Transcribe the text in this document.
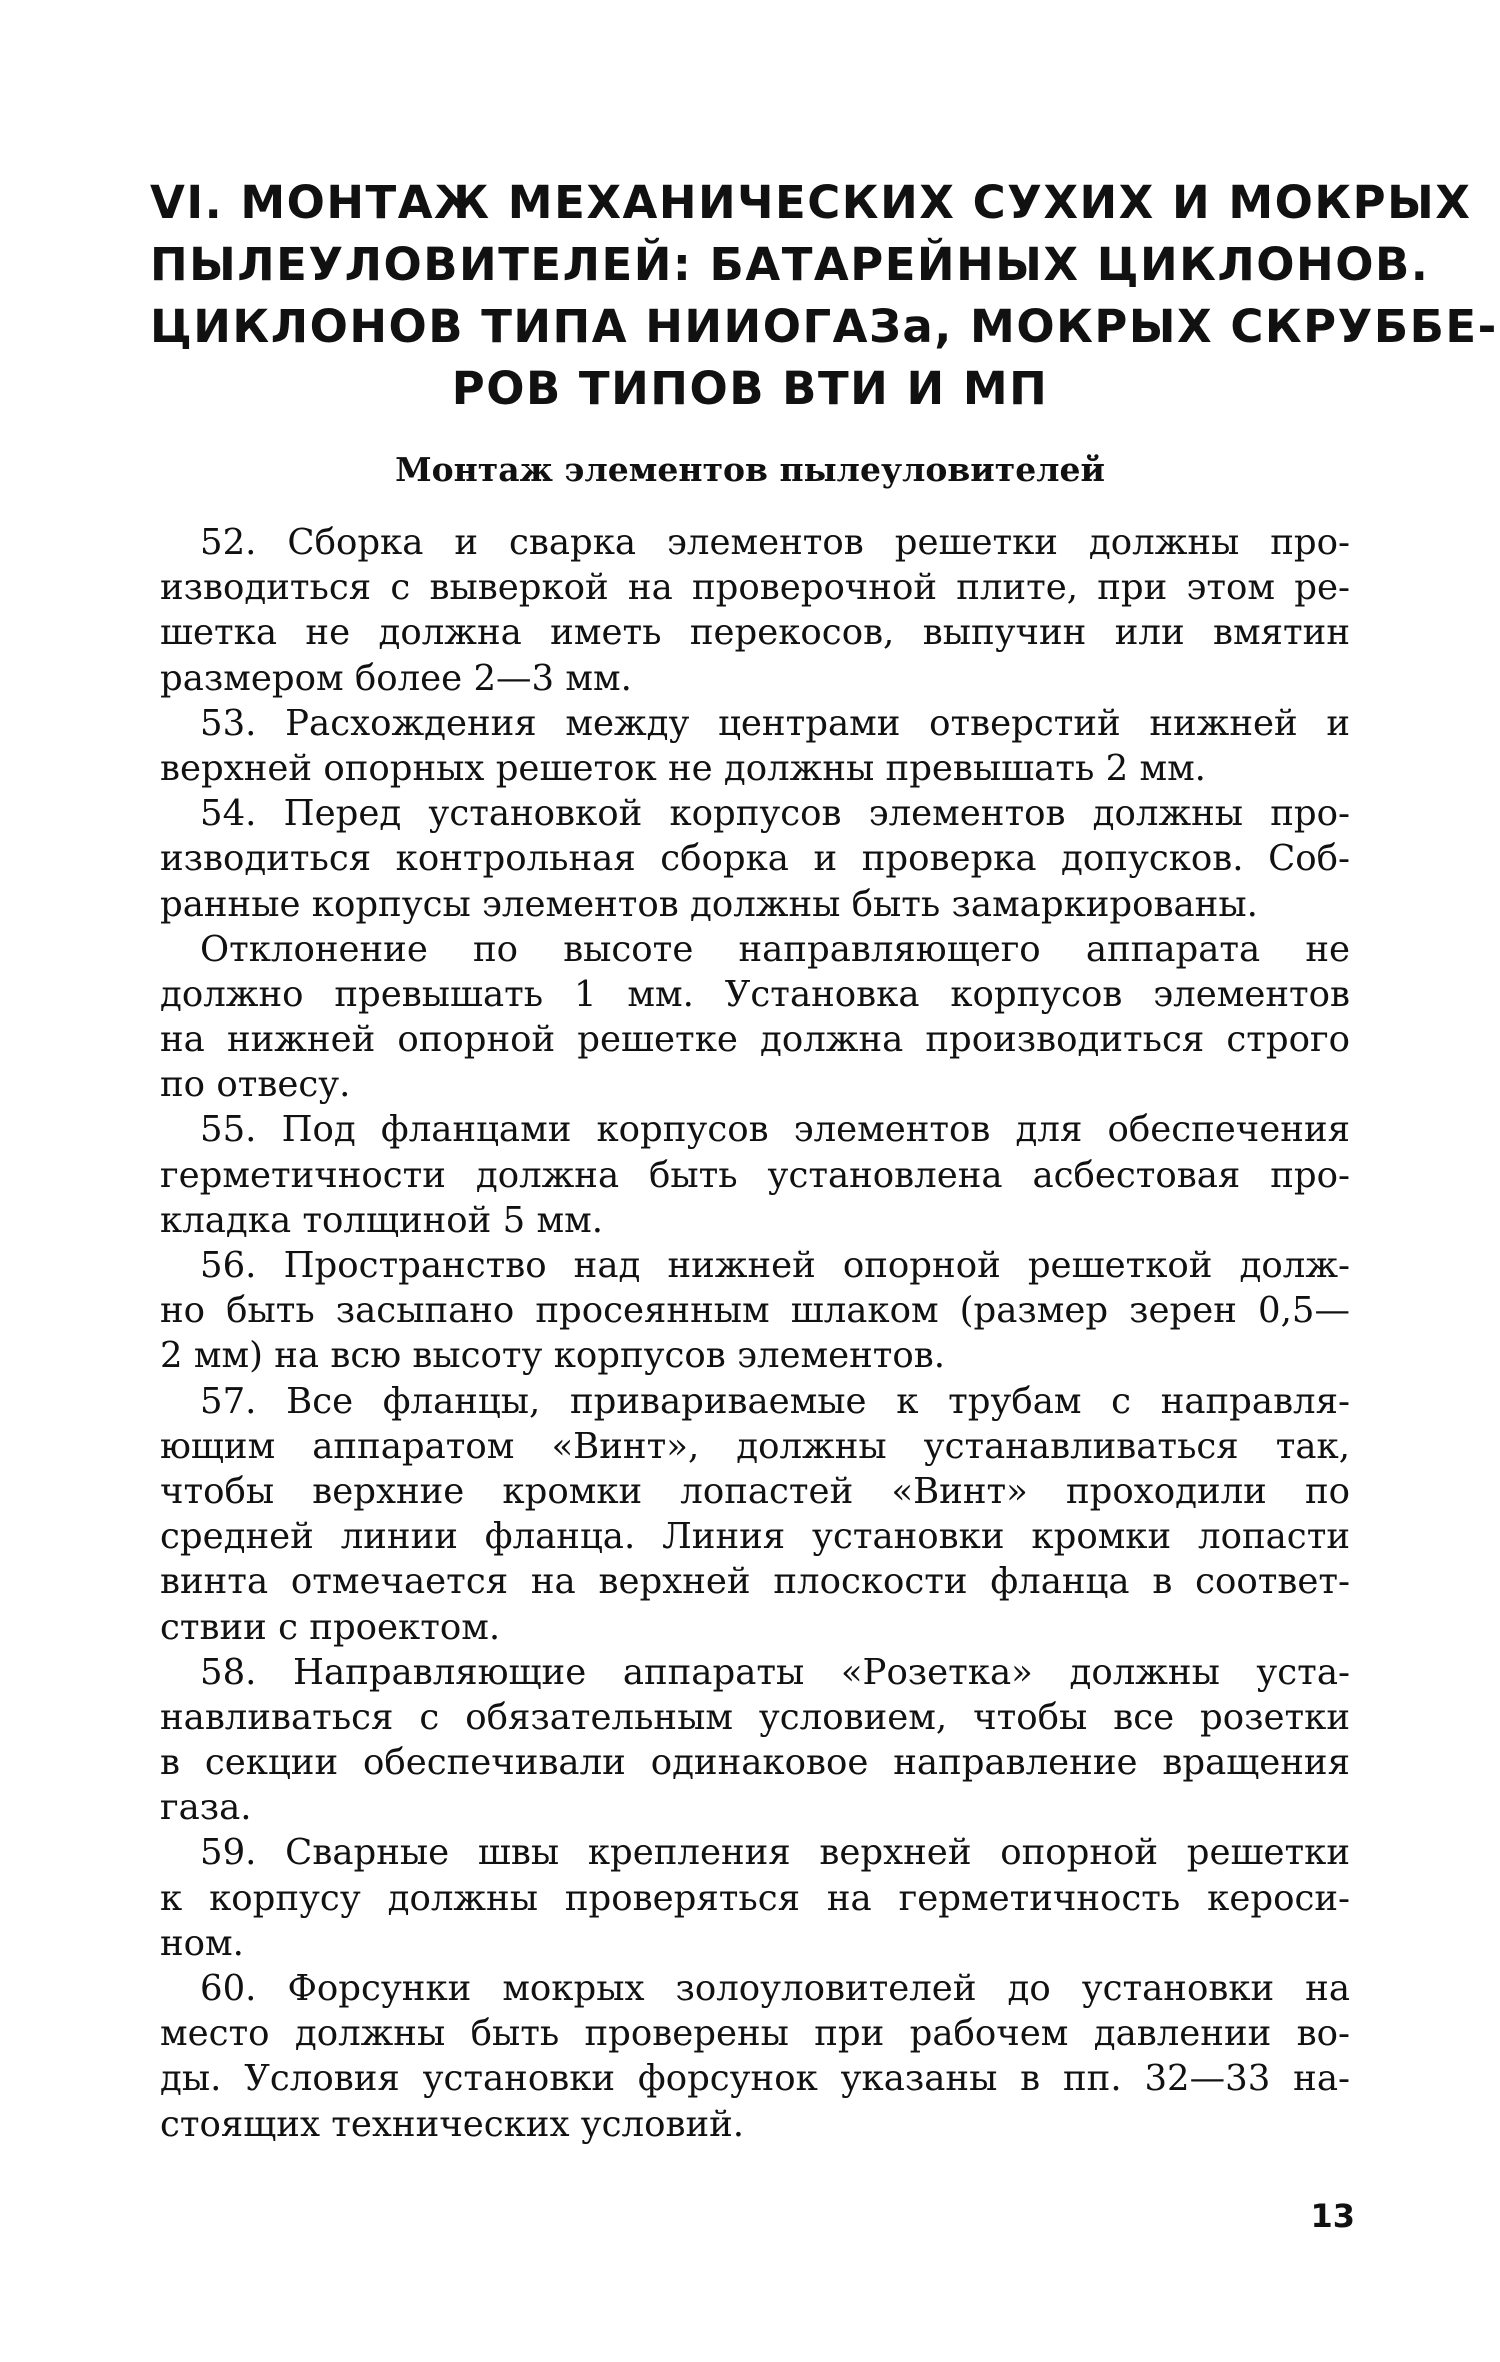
VI. МОНТАЖ МЕХАНИЧЕСКИХ СУХИХ И МОКРЫХ
ПЫЛЕУЛОВИТЕЛЕЙ: БАТАРЕЙНЫХ ЦИКЛОНОВ.
ЦИКЛОНОВ ТИПА НИИОГАЗа, МОКРЫХ СКРУББЕ-
РОВ ТИПОВ ВТИ И МП
Монтаж элементов пылеуловителей
52. Сборка и сварка элементов решетки должны про-
изводиться с выверкой на проверочной плите, при этом ре-
шетка не должна иметь перекосов, выпучин или вмятин
размером более 2—3 мм.
53. Расхождения между центрами отверстий нижней и
верхней опорных решеток не должны превышать 2 мм.
54. Перед установкой корпусов элементов должны про-
изводиться контрольная сборка и проверка допусков. Соб-
ранные корпусы элементов должны быть замаркированы.
Отклонение по высоте направляющего аппарата не
должно превышать 1 мм. Установка корпусов элементов
на нижней опорной решетке должна производиться строго
по отвесу.
55. Под фланцами корпусов элементов для обеспечения
герметичности должна быть установлена асбестовая про-
кладка толщиной 5 мм.
56. Пространство над нижней опорной решеткой долж-
но быть засыпано просеянным шлаком (размер зерен 0,5—
2 мм) на всю высоту корпусов элементов.
57. Все фланцы, привариваемые к трубам с направля-
ющим аппаратом «Винт», должны устанавливаться так,
чтобы верхние кромки лопастей «Винт» проходили по
средней линии фланца. Линия установки кромки лопасти
винта отмечается на верхней плоскости фланца в соответ-
ствии с проектом.
58. Направляющие аппараты «Розетка» должны уста-
навливаться с обязательным условием, чтобы все розетки
в секции обеспечивали одинаковое направление вращения
газа.
59. Сварные швы крепления верхней опорной решетки
к корпусу должны проверяться на герметичность кероси-
ном.
60. Форсунки мокрых золоуловителей до установки на
место должны быть проверены при рабочем давлении во-
ды. Условия установки форсунок указаны в пп. 32—33 на-
стоящих технических условий.
13
